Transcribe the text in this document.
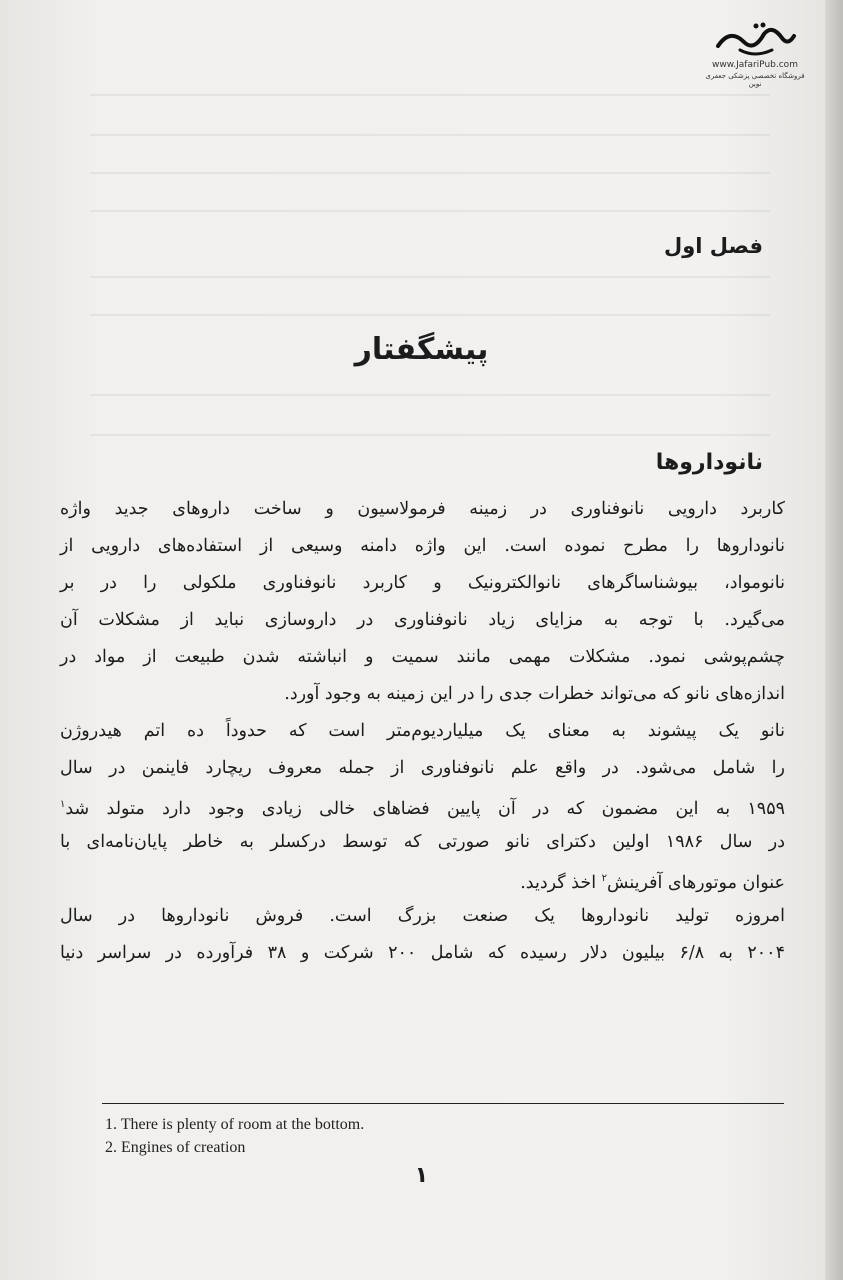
www.JafariPub.com
فروشگاه تخصصی پزشکی جعفری نوین
فصل اول
پیشگفتار
نانوداروها
کاربرد دارویی نانوفناوری در زمینه فرمولاسیون و ساخت داروهای جدید واژه
نانوداروها را مطرح نموده است. این واژه دامنه وسیعی از استفاده‌های دارویی از
نانومواد، بیوشناساگرهای نانوالکترونیک و کاربرد نانوفناوری ملکولی را در بر
می‌گیرد. با توجه به مزایای زیاد نانوفناوری در داروسازی نباید از مشکلات آن
چشم‌پوشی نمود. مشکلات مهمی مانند سمیت و انباشته شدن طبیعت از مواد در
اندازه‌های نانو که می‌تواند خطرات جدی را در این زمینه به وجود آورد.
نانو یک پیشوند به معنای یک میلیاردیوم‌متر است که حدوداً ده اتم هیدروژن
را شامل می‌شود. در واقع علم نانوفناوری از جمله معروف ریچارد فاینمن در سال
۱۹۵۹ به این مضمون که در آن پایین فضاهای خالی زیادی وجود دارد متولد شد$^۱$
در سال ۱۹۸۶ اولین دکترای نانو صورتی که توسط درکسلر به خاطر پایان‌نامه‌ای با
عنوان موتورهای آفرینش$^۲$ اخذ گردید.
امروزه تولید نانوداروها یک صنعت بزرگ است. فروش نانوداروها در سال
۲۰۰۴ به ۶/۸ بیلیون دلار رسیده که شامل ۲۰۰ شرکت و ۳۸ فرآورده در سراسر دنیا
1. There is plenty of room at the bottom.
2. Engines of creation
۱
